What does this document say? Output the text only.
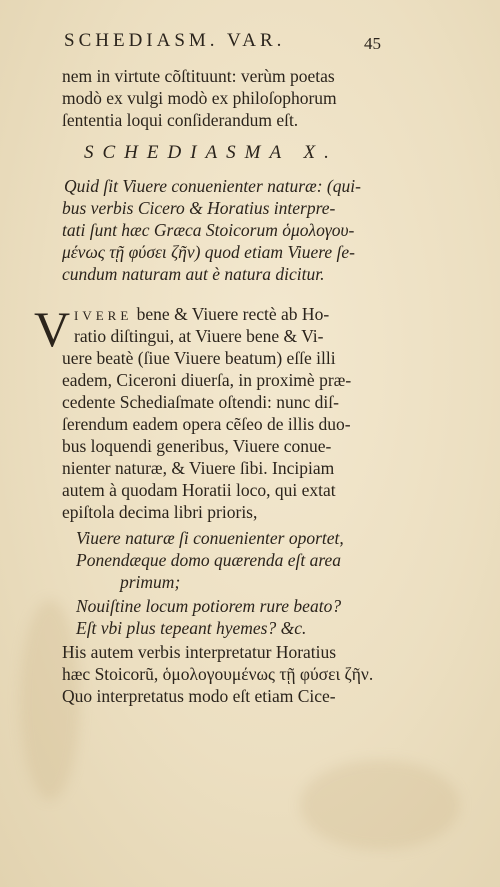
SCHEDIASM. VAR.	45
nem in virtute cõſtituunt: verùm poetas
modò ex vulgi modò ex philoſophorum
ſententia loqui conſiderandum eſt.
SCHEDIASMA X.
Quid ſit Viuere conuenienter naturæ: (qui-
bus verbis Cicero & Horatius interpre-
tati ſunt hæc Græca Stoicorum ὁμολογου-
μένως τῇ φύσει ζῆν) quod etiam Viuere ſe-
cundum naturam aut è natura dicitur.
V IVERE bene & Viuere rectè ab Ho-
ratio diſtingui, at Viuere bene & Vi-
uere beatè (ſiue Viuere beatum) eſſe illi
eadem, Ciceroni diuerſa, in proximè præ-
cedente Schediaſmate oſtendi: nunc diſ-
ſerendum eadem opera cẽſeo de illis duo-
bus loquendi generibus, Viuere conue-
nienter naturæ, & Viuere ſibi. Incipiam
autem à quodam Horatii loco, qui extat
epiſtola decima libri prioris,
Viuere naturæ ſi conuenienter oportet,
Ponendæque domo quærenda eſt area
primum;
Nouiſtine locum potiorem rure beato?
Eſt vbi plus tepeant hyemes? &c.
His autem verbis interpretatur Horatius
hæc Stoicorũ, ὁμολογουμένως τῇ φύσει ζῆν.
Quo interpretatus modo eſt etiam Cice-
